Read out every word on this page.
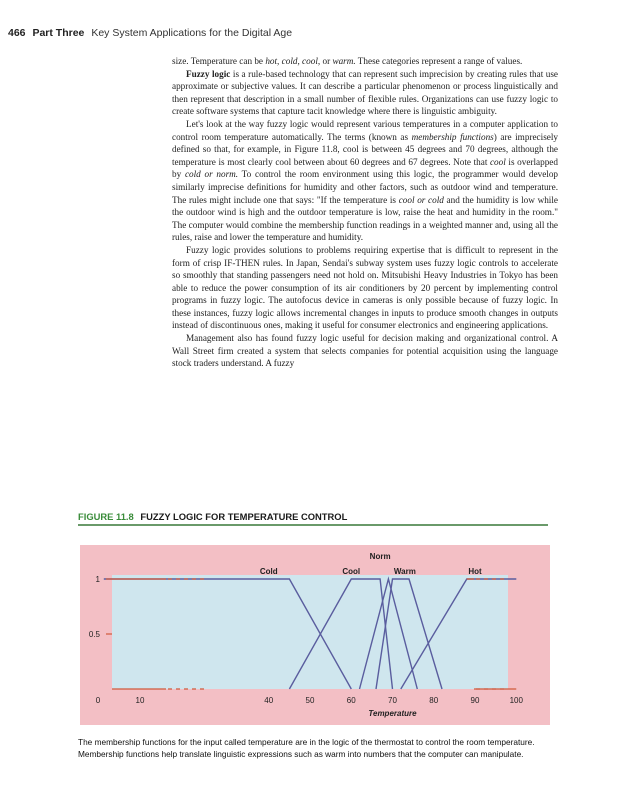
466 Part Three Key System Applications for the Digital Age

size. Temperature can be hot, cold, cool, or warm. These categories represent a range of values.

Fuzzy logic is a rule-based technology that can represent such imprecision by creating rules that use approximate or subjective values. It can describe a particular phenomenon or process linguistically and then represent that description in a small number of flexible rules. Organizations can use fuzzy logic to create software systems that capture tacit knowledge where there is linguistic ambiguity.

Let's look at the way fuzzy logic would represent various temperatures in a computer application to control room temperature automatically. The terms (known as membership functions) are imprecisely defined so that, for example, in Figure 11.8, cool is between 45 degrees and 70 degrees, although the temperature is most clearly cool between about 60 degrees and 67 degrees. Note that cool is overlapped by cold or norm. To control the room environment using this logic, the programmer would develop similarly imprecise definitions for humidity and other factors, such as outdoor wind and temperature. The rules might include one that says: "If the temperature is cool or cold and the humidity is low while the outdoor wind is high and the outdoor temperature is low, raise the heat and humidity in the room." The computer would combine the membership function readings in a weighted manner and, using all the rules, raise and lower the temperature and humidity.

Fuzzy logic provides solutions to problems requiring expertise that is difficult to represent in the form of crisp IF-THEN rules. In Japan, Sendai's subway system uses fuzzy logic controls to accelerate so smoothly that standing passengers need not hold on. Mitsubishi Heavy Industries in Tokyo has been able to reduce the power consumption of its air conditioners by 20 percent by implementing control programs in fuzzy logic. The autofocus device in cameras is only possible because of fuzzy logic. In these instances, fuzzy logic allows incremental changes in inputs to produce smooth changes in outputs instead of discontinuous ones, making it useful for consumer electronics and engineering applications.

Management also has found fuzzy logic useful for decision making and organizational control. A Wall Street firm created a system that selects companies for potential acquisition using the language stock traders understand. A fuzzy

FIGURE 11.8 FUZZY LOGIC FOR TEMPERATURE CONTROL
1
0.5
0	10	40	50	60	70	80	90	100
Temperature
Cold	Cool
Norm
Warm	Hot
The membership functions for the input called temperature are in the logic of the thermostat to control the room temperature. Membership functions help translate linguistic expressions such as warm into numbers that the computer can manipulate.
